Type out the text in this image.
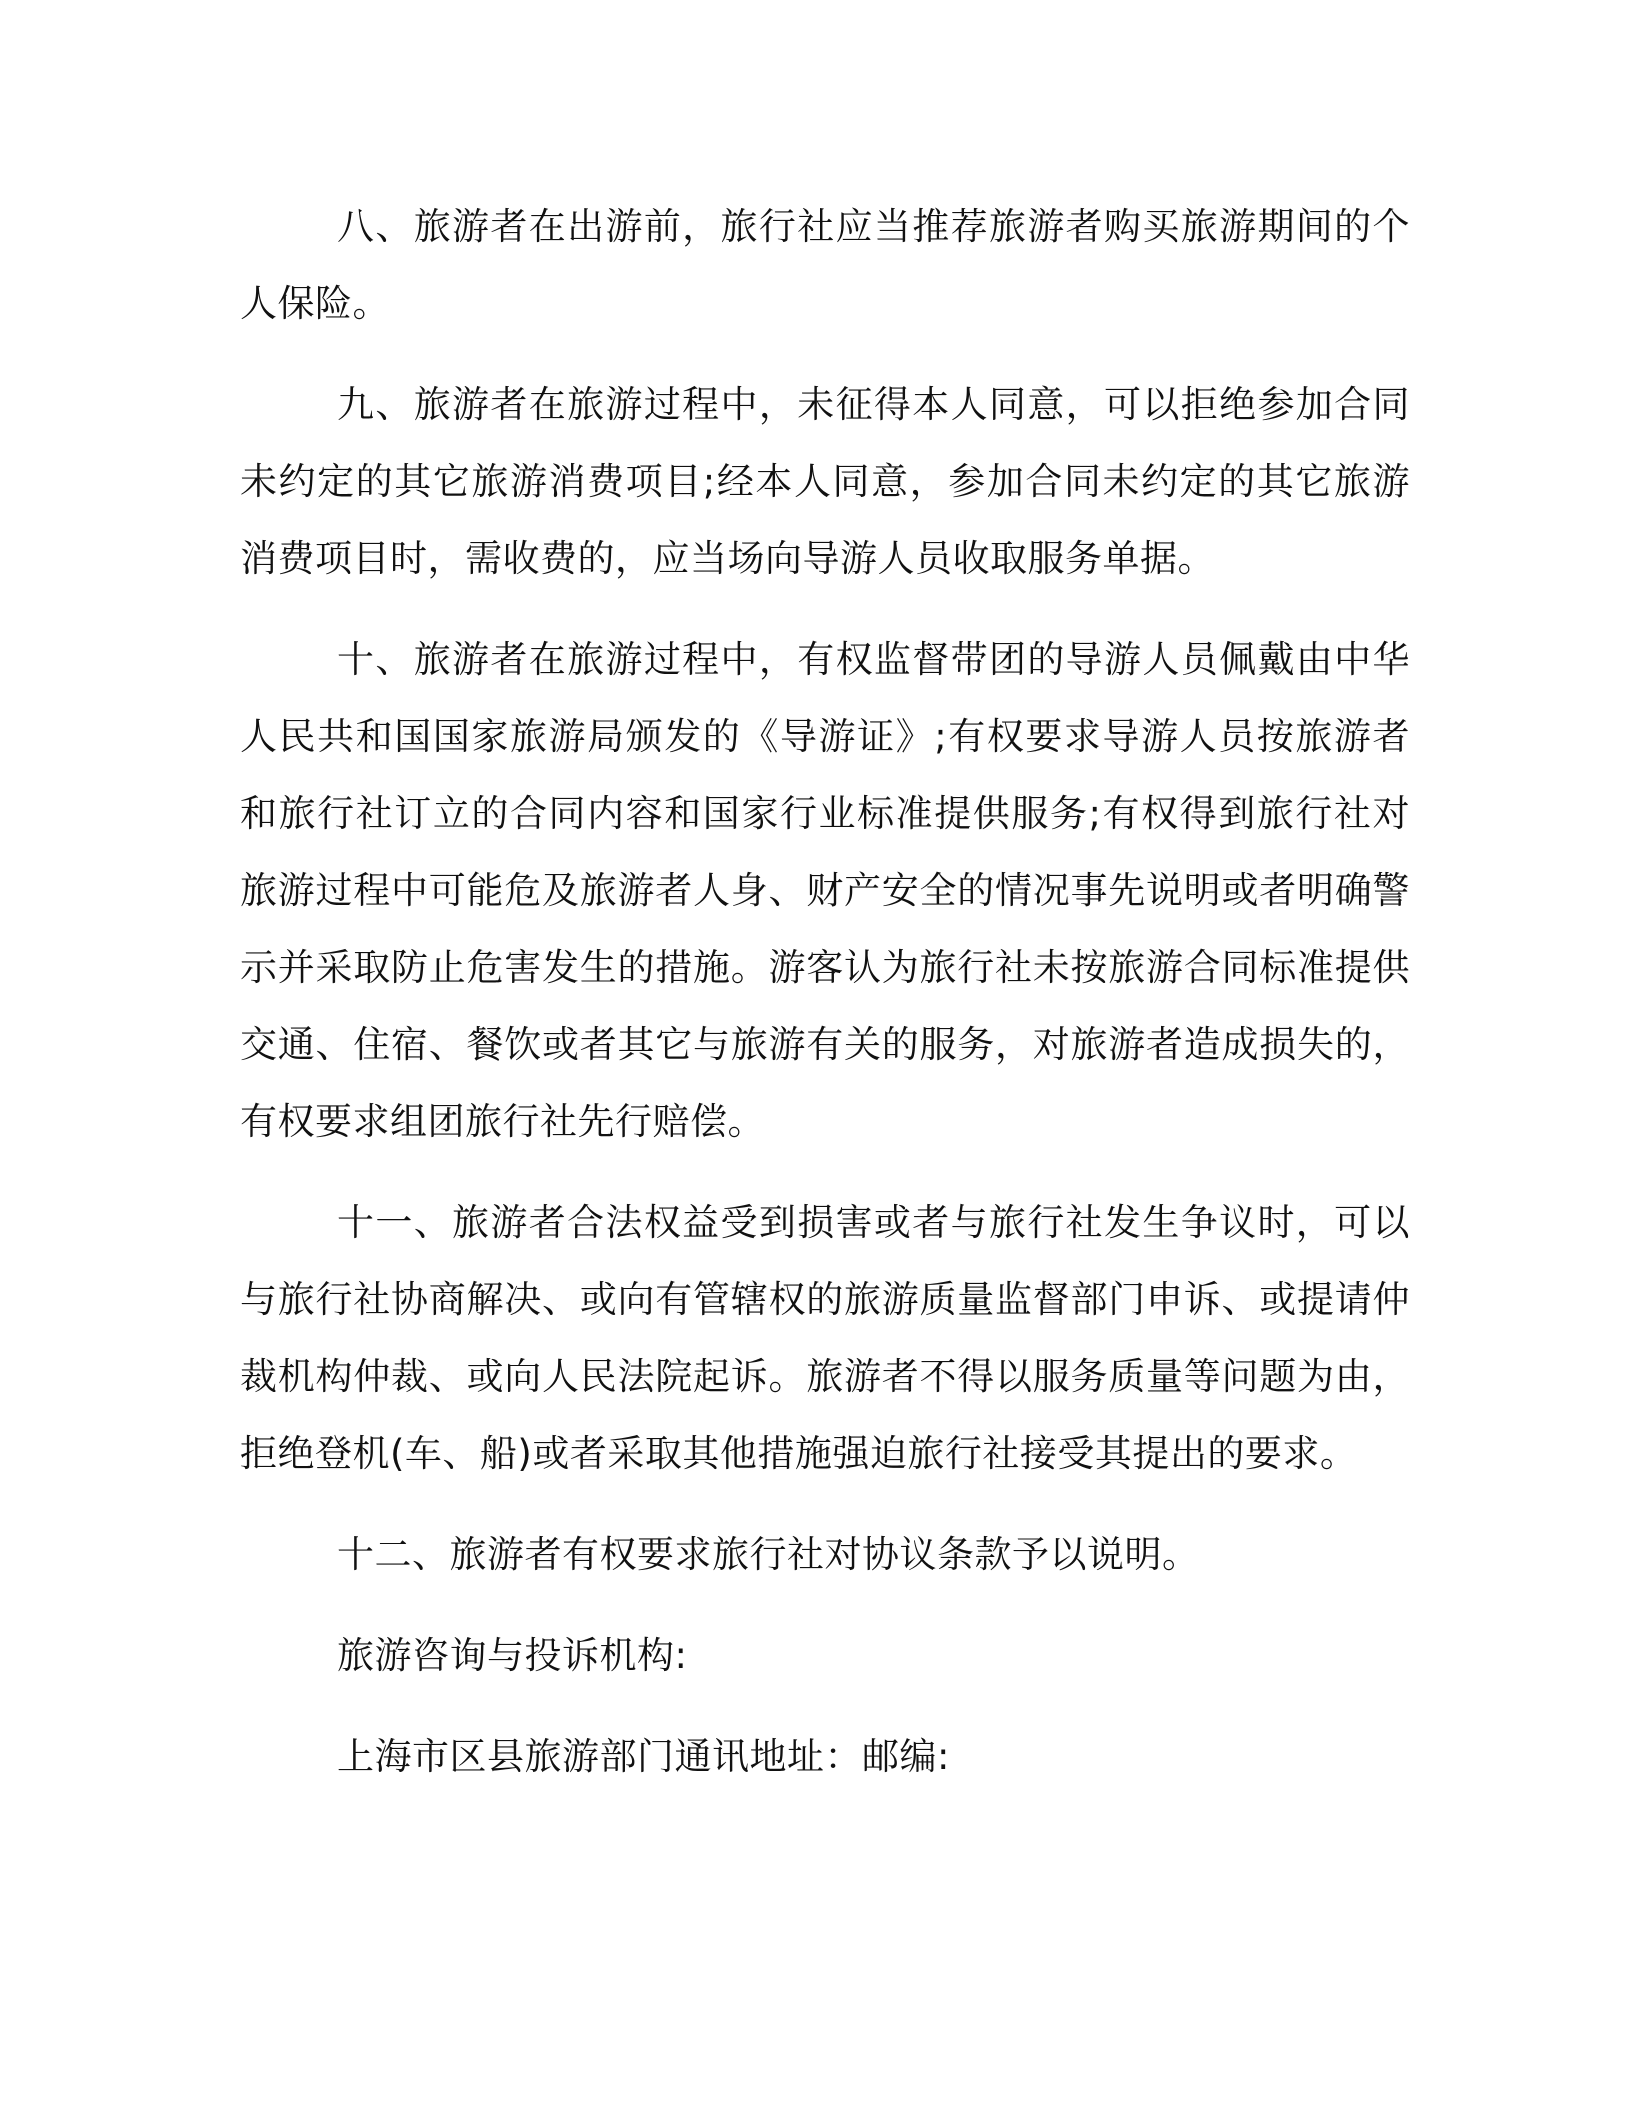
八、旅游者在出游前，旅行社应当推荐旅游者购买旅游期间的个人保险。

九、旅游者在旅游过程中，未征得本人同意，可以拒绝参加合同未约定的其它旅游消费项目;经本人同意，参加合同未约定的其它旅游消费项目时，需收费的，应当场向导游人员收取服务单据。

十、旅游者在旅游过程中，有权监督带团的导游人员佩戴由中华人民共和国国家旅游局颁发的《导游证》;有权要求导游人员按旅游者和旅行社订立的合同内容和国家行业标准提供服务;有权得到旅行社对旅游过程中可能危及旅游者人身、财产安全的情况事先说明或者明确警示并采取防止危害发生的措施。游客认为旅行社未按旅游合同标准提供交通、住宿、餐饮或者其它与旅游有关的服务，对旅游者造成损失的，有权要求组团旅行社先行赔偿。

十一、旅游者合法权益受到损害或者与旅行社发生争议时，可以与旅行社协商解决、或向有管辖权的旅游质量监督部门申诉、或提请仲裁机构仲裁、或向人民法院起诉。旅游者不得以服务质量等问题为由，拒绝登机(车、船)或者采取其他措施强迫旅行社接受其提出的要求。

十二、旅游者有权要求旅行社对协议条款予以说明。

旅游咨询与投诉机构:

上海市区县旅游部门通讯地址：邮编:
